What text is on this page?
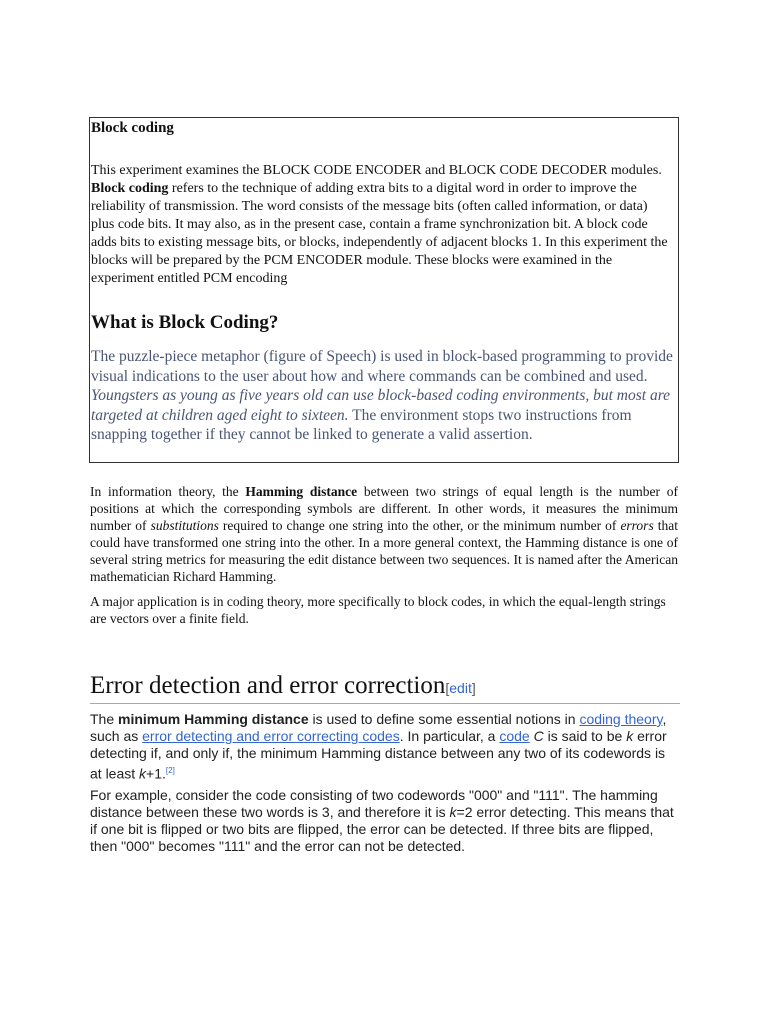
Block coding

This experiment examines the BLOCK CODE ENCODER and BLOCK CODE DECODER modules. Block coding refers to the technique of adding extra bits to a digital word in order to improve the reliability of transmission. The word consists of the message bits (often called information, or data) plus code bits. It may also, as in the present case, contain a frame synchronization bit. A block code adds bits to existing message bits, or blocks, independently of adjacent blocks 1. In this experiment the blocks will be prepared by the PCM ENCODER module. These blocks were examined in the experiment entitled PCM encoding

What is Block Coding?

The puzzle-piece metaphor (figure of Speech) is used in block-based programming to provide visual indications to the user about how and where commands can be combined and used. Youngsters as young as five years old can use block-based coding environments, but most are targeted at children aged eight to sixteen. The environment stops two instructions from snapping together if they cannot be linked to generate a valid assertion.

In information theory, the Hamming distance between two strings of equal length is the number of positions at which the corresponding symbols are different. In other words, it measures the minimum number of substitutions required to change one string into the other, or the minimum number of errors that could have transformed one string into the other. In a more general context, the Hamming distance is one of several string metrics for measuring the edit distance between two sequences. It is named after the American mathematician Richard Hamming.

A major application is in coding theory, more specifically to block codes, in which the equal-length strings are vectors over a finite field.

Error detection and error correction[edit]

The minimum Hamming distance is used to define some essential notions in coding theory, such as error detecting and error correcting codes. In particular, a code C is said to be k error detecting if, and only if, the minimum Hamming distance between any two of its codewords is at least k+1.[2]

For example, consider the code consisting of two codewords "000" and "111". The hamming distance between these two words is 3, and therefore it is k=2 error detecting. This means that if one bit is flipped or two bits are flipped, the error can be detected. If three bits are flipped, then "000" becomes "111" and the error can not be detected.
